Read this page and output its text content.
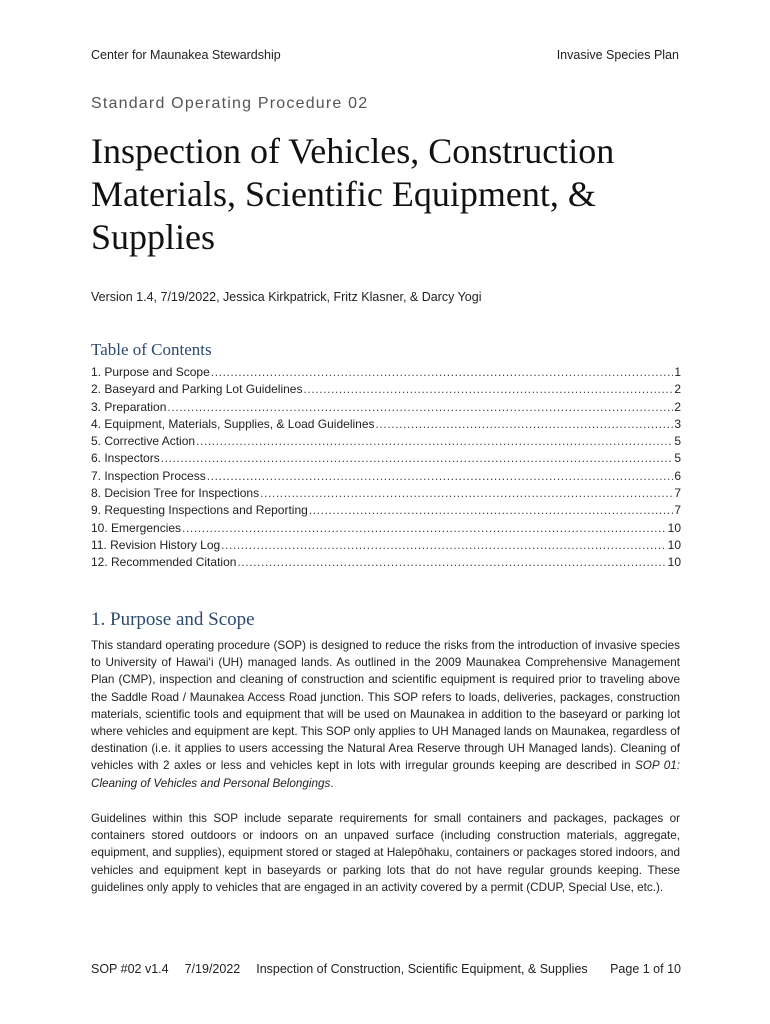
Center for Maunakea Stewardship	Invasive Species Plan
Standard Operating Procedure 02
Inspection of Vehicles, Construction Materials, Scientific Equipment, & Supplies
Version 1.4, 7/19/2022, Jessica Kirkpatrick, Fritz Klasner, & Darcy Yogi
Table of Contents
1. Purpose and Scope .....	1
2. Baseyard and Parking Lot Guidelines .....	2
3. Preparation .....	2
4. Equipment, Materials, Supplies, & Load Guidelines .....	3
5. Corrective Action .....	5
6. Inspectors .....	5
7. Inspection Process .....	6
8. Decision Tree for Inspections .....	7
9. Requesting Inspections and Reporting .....	7
10. Emergencies .....	10
11. Revision History Log .....	10
12. Recommended Citation .....	10
1. Purpose and Scope

This standard operating procedure (SOP) is designed to reduce the risks from the introduction of invasive species to University of Hawaiʻi (UH) managed lands. As outlined in the 2009 Maunakea Comprehensive Management Plan (CMP), inspection and cleaning of construction and scientific equipment is required prior to traveling above the Saddle Road / Maunakea Access Road junction. This SOP refers to loads, deliveries, packages, construction materials, scientific tools and equipment that will be used on Maunakea in addition to the baseyard or parking lot where vehicles and equipment are kept. This SOP only applies to UH Managed lands on Maunakea, regardless of destination (i.e. it applies to users accessing the Natural Area Reserve through UH Managed lands). Cleaning of vehicles with 2 axles or less and vehicles kept in lots with irregular grounds keeping are described in SOP 01: Cleaning of Vehicles and Personal Belongings.

Guidelines within this SOP include separate requirements for small containers and packages, packages or containers stored outdoors or indoors on an unpaved surface (including construction materials, aggregate, equipment, and supplies), equipment stored or staged at Halepōhaku, containers or packages stored indoors, and vehicles and equipment kept in baseyards or parking lots that do not have regular grounds keeping. These guidelines only apply to vehicles that are engaged in an activity covered by a permit (CDUP, Special Use, etc.).

SOP #02 v1.4 7/19/2022 Inspection of Construction, Scientific Equipment, & Supplies Page 1 of 10
